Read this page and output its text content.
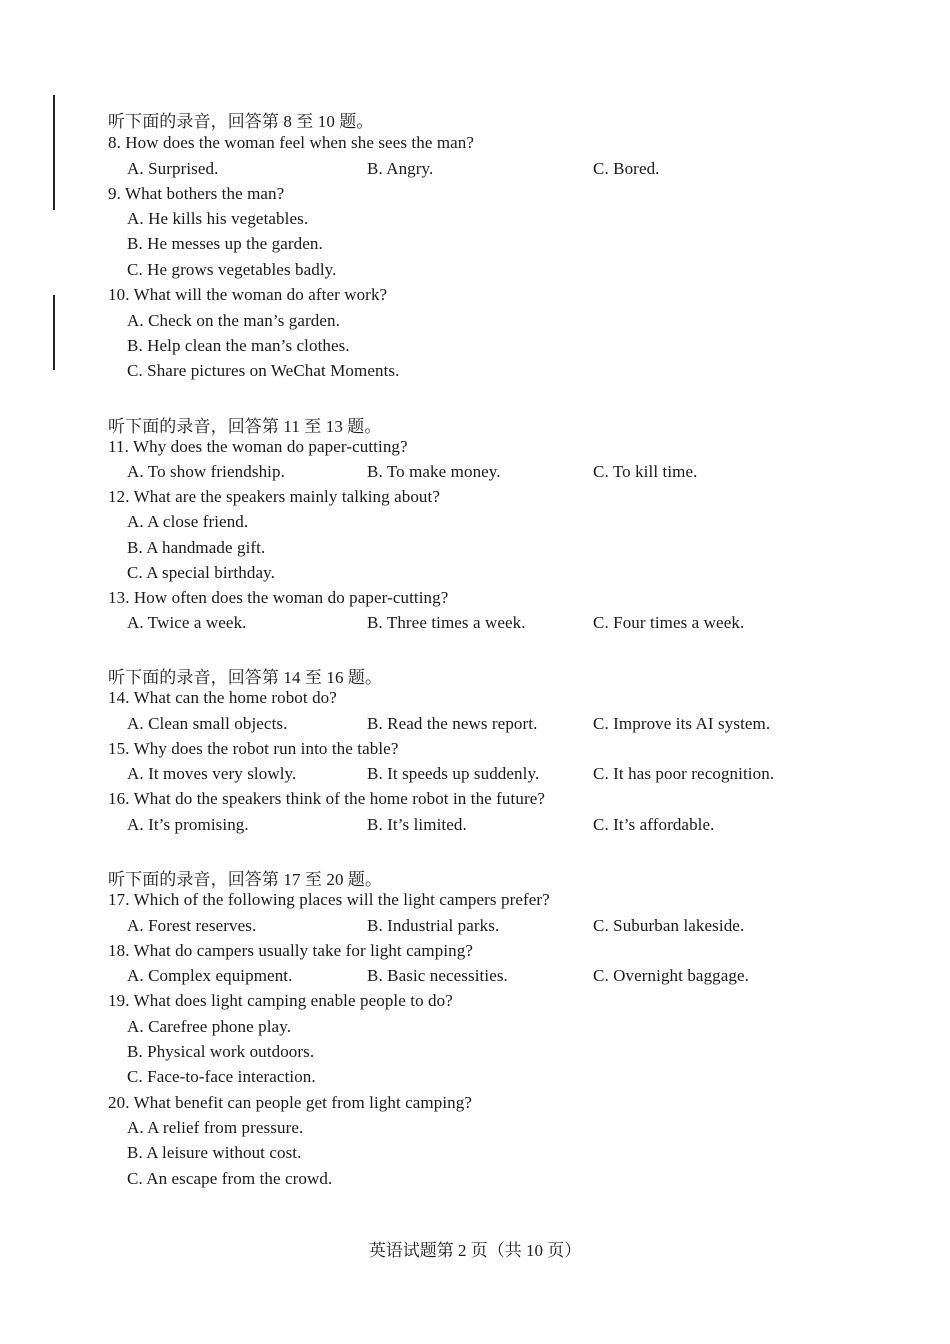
听下面的录音，回答第 8 至 10 题。
8. How does the woman feel when she sees the man?
A. Surprised.	B. Angry.	C. Bored.
9. What bothers the man?
A. He kills his vegetables.
B. He messes up the garden.
C. He grows vegetables badly.
10. What will the woman do after work?
A. Check on the man’s garden.
B. Help clean the man’s clothes.
C. Share pictures on WeChat Moments.
听下面的录音，回答第 11 至 13 题。
11. Why does the woman do paper-cutting?
A. To show friendship.	B. To make money.	C. To kill time.
12. What are the speakers mainly talking about?
A. A close friend.
B. A handmade gift.
C. A special birthday.
13. How often does the woman do paper-cutting?
A. Twice a week.	B. Three times a week.	C. Four times a week.
听下面的录音，回答第 14 至 16 题。
14. What can the home robot do?
A. Clean small objects.	B. Read the news report.	C. Improve its AI system.
15. Why does the robot run into the table?
A. It moves very slowly.	B. It speeds up suddenly.	C. It has poor recognition.
16. What do the speakers think of the home robot in the future?
A. It’s promising.	B. It’s limited.	C. It’s affordable.
听下面的录音，回答第 17 至 20 题。
17. Which of the following places will the light campers prefer?
A. Forest reserves.	B. Industrial parks.	C. Suburban lakeside.
18. What do campers usually take for light camping?
A. Complex equipment.	B. Basic necessities.	C. Overnight baggage.
19. What does light camping enable people to do?
A. Carefree phone play.
B. Physical work outdoors.
C. Face-to-face interaction.
20. What benefit can people get from light camping?
A. A relief from pressure.
B. A leisure without cost.
C. An escape from the crowd.
英语试题第 2 页（共 10 页）
